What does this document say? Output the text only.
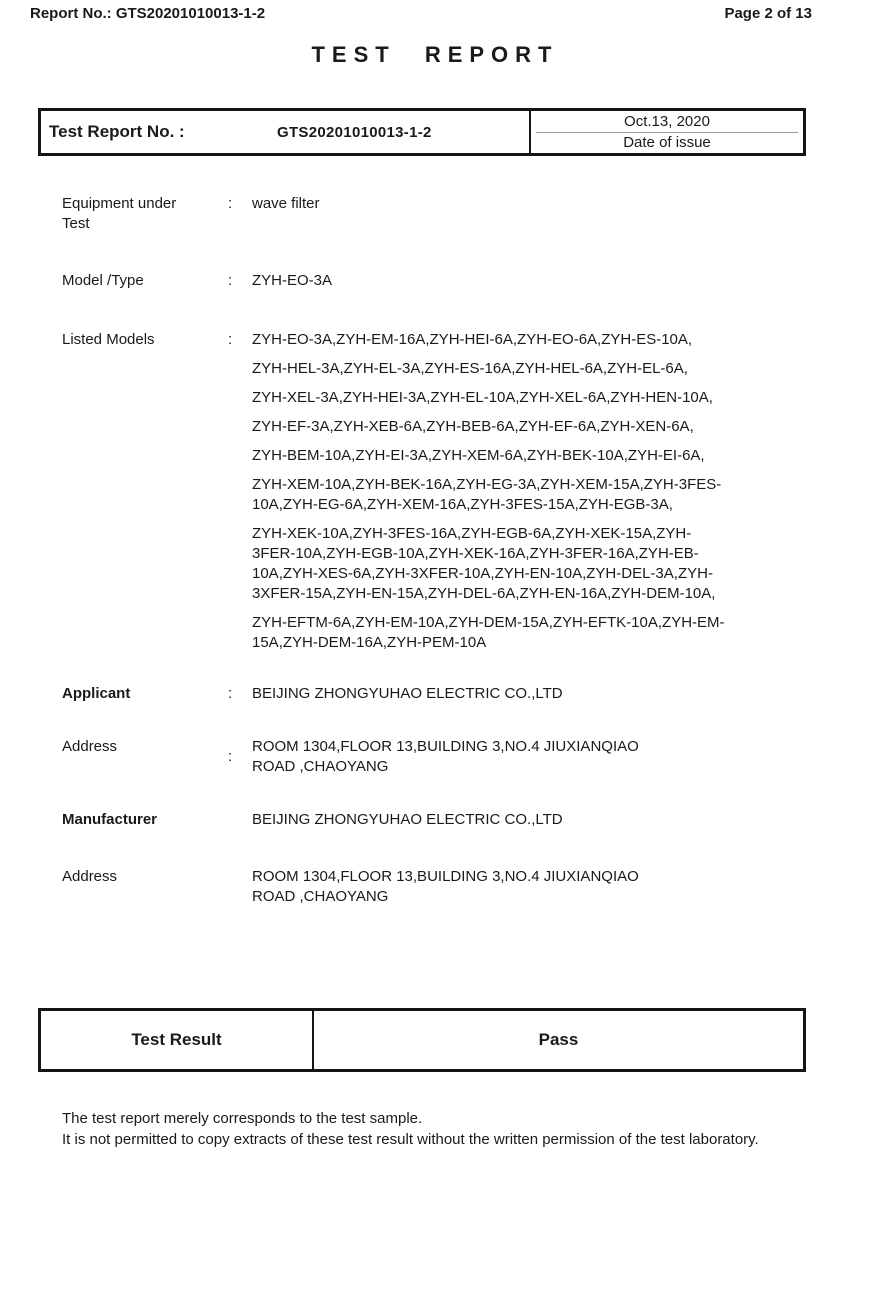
Report No.: GTS20201010013-1-2	Page 2 of 13
TEST REPORT
Test Report No. :	GTS20201010013-1-2
Oct.13, 2020
Date of issue
Equipment under
Test
:	wave filter
Model /Type	:	ZYH-EO-3A
Listed Models	:	ZYH-EO-3A,ZYH-EM-16A,ZYH-HEI-6A,ZYH-EO-6A,ZYH-ES-10A,
ZYH-HEL-3A,ZYH-EL-3A,ZYH-ES-16A,ZYH-HEL-6A,ZYH-EL-6A,
ZYH-XEL-3A,ZYH-HEI-3A,ZYH-EL-10A,ZYH-XEL-6A,ZYH-HEN-10A,
ZYH-EF-3A,ZYH-XEB-6A,ZYH-BEB-6A,ZYH-EF-6A,ZYH-XEN-6A,
ZYH-BEM-10A,ZYH-EI-3A,ZYH-XEM-6A,ZYH-BEK-10A,ZYH-EI-6A,
ZYH-XEM-10A,ZYH-BEK-16A,ZYH-EG-3A,ZYH-XEM-15A,ZYH-3FES-
10A,ZYH-EG-6A,ZYH-XEM-16A,ZYH-3FES-15A,ZYH-EGB-3A,
ZYH-XEK-10A,ZYH-3FES-16A,ZYH-EGB-6A,ZYH-XEK-15A,ZYH-
3FER-10A,ZYH-EGB-10A,ZYH-XEK-16A,ZYH-3FER-16A,ZYH-EB-
10A,ZYH-XES-6A,ZYH-3XFER-10A,ZYH-EN-10A,ZYH-DEL-3A,ZYH-
3XFER-15A,ZYH-EN-15A,ZYH-DEL-6A,ZYH-EN-16A,ZYH-DEM-10A,
ZYH-EFTM-6A,ZYH-EM-10A,ZYH-DEM-15A,ZYH-EFTK-10A,ZYH-EM-
15A,ZYH-DEM-16A,ZYH-PEM-10A
Applicant	:	BEIJING ZHONGYUHAO ELECTRIC CO.,LTD
Address
:
ROOM 1304,FLOOR 13,BUILDING 3,NO.4 JIUXIANQIAO
ROAD ,CHAOYANG
Manufacturer	BEIJING ZHONGYUHAO ELECTRIC CO.,LTD
Address	ROOM 1304,FLOOR 13,BUILDING 3,NO.4 JIUXIANQIAO
ROAD ,CHAOYANG
Test Result	Pass
The test report merely corresponds to the test sample.
It is not permitted to copy extracts of these test result without the written permission of the test laboratory.
